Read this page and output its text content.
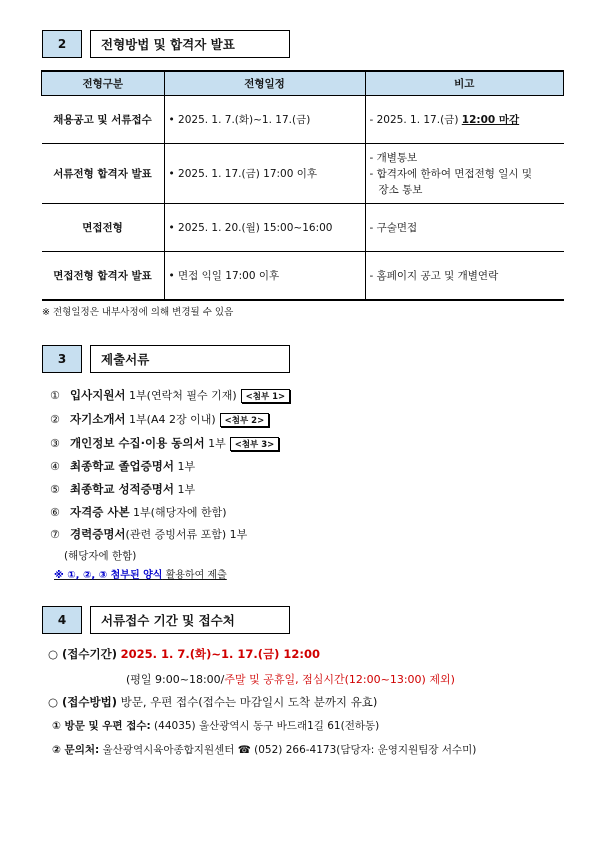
2	전형방법 및 합격자 발표
전형구분	전형일정	비고
채용공고 및 서류접수	• 2025. 1. 7.(화)~1. 17.(금)	- 2025. 1. 17.(금) 12:00 마감
서류전형 합격자 발표	• 2025. 1. 17.(금) 17:00 이후	- 개별통보
- 합격자에 한하여 면접전형 일시 및
장소 통보

면접전형	• 2025. 1. 20.(월) 15:00~16:00	- 구술면접
면접전형 합격자 발표	• 면접 익일 17:00 이후	- 홈페이지 공고 및 개별연락
※ 전형일정은 내부사정에 의해 변경될 수 있음
3	제출서류
① 입사지원서 1부(연락처 필수 기재) <첨부 1>
② 자기소개서 1부(A4 2장 이내) <첨부 2>
③ 개인정보 수집·이용 동의서 1부 <첨부 3>
④ 최종학교 졸업증명서 1부
⑤ 최종학교 성적증명서 1부
⑥ 자격증 사본 1부(해당자에 한함)
⑦ 경력증명서(관련 증빙서류 포함) 1부
(해당자에 한함)
※ ①, ②, ③ 첨부된 양식 활용하여 제출
4	서류접수 기간 및 접수처
○ (접수기간) 2025. 1. 7.(화)~1. 17.(금) 12:00
(평일 9:00~18:00/주말 및 공휴일, 점심시간(12:00~13:00) 제외)
○ (접수방법) 방문, 우편 접수(접수는 마감일시 도착 분까지 유효)
① 방문 및 우편 접수: (44035) 울산광역시 동구 바드래1길 61(전하동)
② 문의처: 울산광역시육아종합지원센터 ☎ (052) 266-4173(담당자: 운영지원팀장 서수미)
